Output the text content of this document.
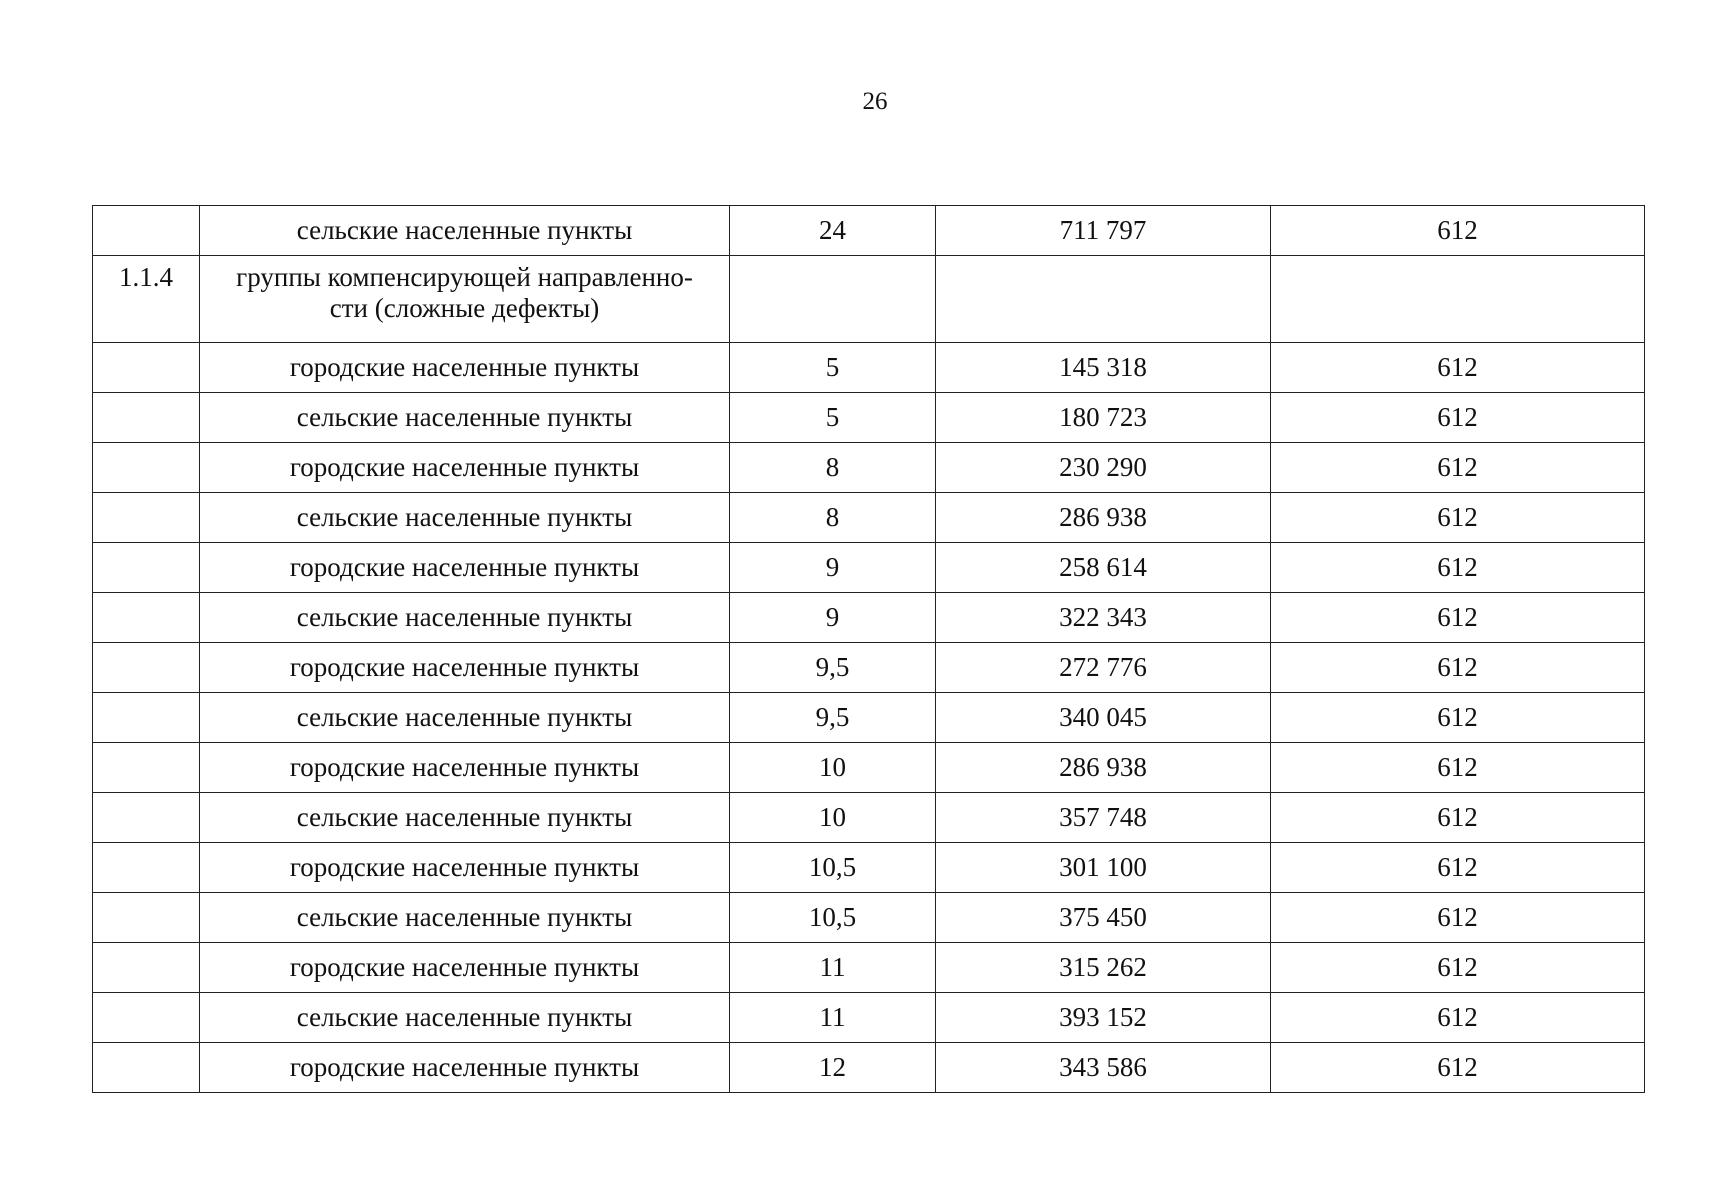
26
	сельские населенные пункты	24	711 797	612
1.1.4	группы компенсирующей направленно-
сти (сложные дефекты)			

	городские населенные пункты	5	145 318	612
	сельские населенные пункты	5	180 723	612
	городские населенные пункты	8	230 290	612
	сельские населенные пункты	8	286 938	612
	городские населенные пункты	9	258 614	612
	сельские населенные пункты	9	322 343	612
	городские населенные пункты	9,5	272 776	612
	сельские населенные пункты	9,5	340 045	612
	городские населенные пункты	10	286 938	612
	сельские населенные пункты	10	357 748	612
	городские населенные пункты	10,5	301 100	612
	сельские населенные пункты	10,5	375 450	612
	городские населенные пункты	11	315 262	612
	сельские населенные пункты	11	393 152	612
	городские населенные пункты	12	343 586	612
